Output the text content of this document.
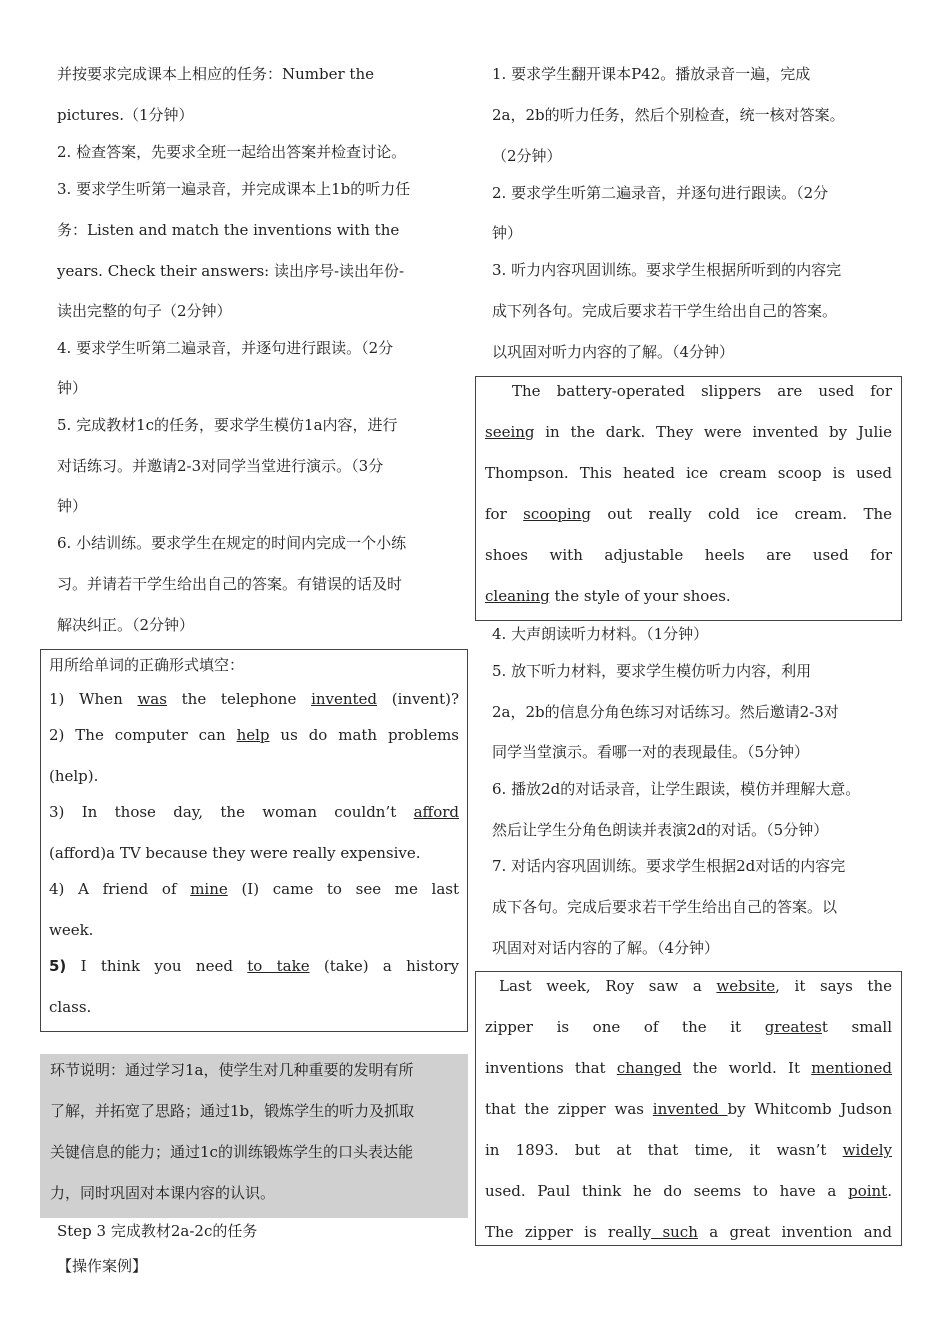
并按要求完成课本上相应的任务：Number the
pictures.（1分钟）
2. 检查答案，先要求全班一起给出答案并检查讨论。
3. 要求学生听第一遍录音，并完成课本上1b的听力任
务：Listen and match the inventions with the
years. Check their answers: 读出序号-读出年份-
读出完整的句子（2分钟）
4. 要求学生听第二遍录音，并逐句进行跟读。（2分
钟）
5. 完成教材1c的任务，要求学生模仿1a内容，进行
对话练习。并邀请2-3对同学当堂进行演示。（3分
钟）
6. 小结训练。要求学生在规定的时间内完成一个小练
习。并请若干学生给出自己的答案。有错误的话及时
解决纠正。（2分钟）
用所给单词的正确形式填空：
1) When was the telephone invented (invent)?
2) The computer can help us do math problems
(help).
3) In those day, the woman couldn’t afford
(afford)a TV because they were really expensive.
4) A friend of mine (I) came to see me last
week.
5) I think you need to take (take) a history
class.
环节说明：通过学习1a，使学生对几种重要的发明有所
了解，并拓宽了思路；通过1b，锻炼学生的听力及抓取
关键信息的能力；通过1c的训练锻炼学生的口头表达能
力，同时巩固对本课内容的认识。
Step 3 完成教材2a-2c的任务
【操作案例】
1. 要求学生翻开课本P42。播放录音一遍，完成
2a，2b的听力任务，然后个别检查，统一核对答案。
（2分钟）
2. 要求学生听第二遍录音，并逐句进行跟读。（2分
钟）
3. 听力内容巩固训练。要求学生根据所听到的内容完
成下列各句。完成后要求若干学生给出自己的答案。
以巩固对听力内容的了解。（4分钟）
The battery-operated slippers are used for
seeing in the dark. They were invented by Julie
Thompson. This heated ice cream scoop is used
for scooping out really cold ice cream. The
shoes with adjustable heels are used for
cleaning the style of your shoes.
4. 大声朗读听力材料。（1分钟）
5. 放下听力材料，要求学生模仿听力内容，利用
2a，2b的信息分角色练习对话练习。然后邀请2-3对
同学当堂演示。看哪一对的表现最佳。（5分钟）
6. 播放2d的对话录音，让学生跟读，模仿并理解大意。
然后让学生分角色朗读并表演2d的对话。（5分钟）
7. 对话内容巩固训练。要求学生根据2d对话的内容完
成下各句。完成后要求若干学生给出自己的答案。以
巩固对对话内容的了解。（4分钟）
Last week, Roy saw a website, it says the
zipper is one of the it greatest small
inventions that changed the world. It mentioned
that the zipper was invented by Whitcomb Judson
in 1893. but at that time, it wasn’t widely
used. Paul think he do seems to have a point.
The zipper is really such a great invention and
